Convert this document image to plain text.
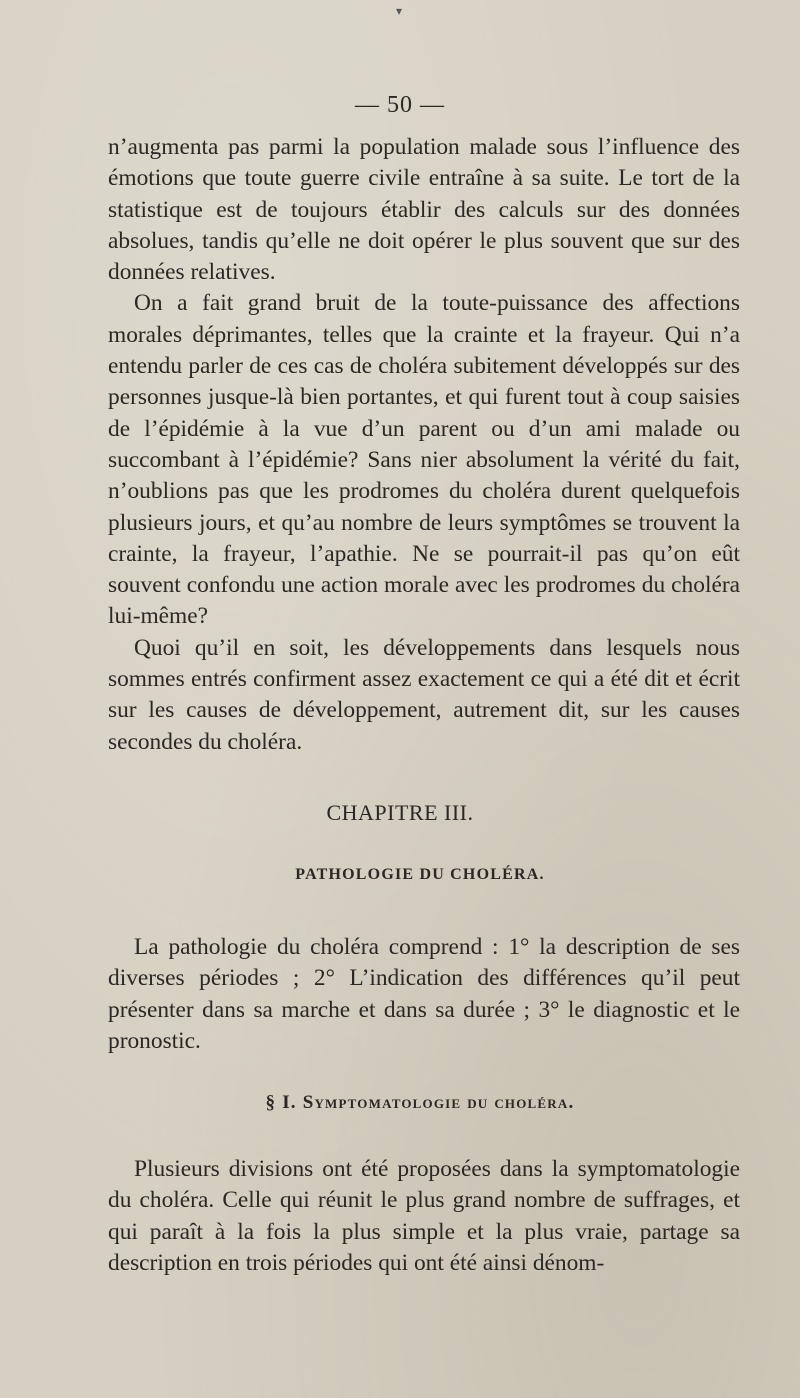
▾
— 50 —

n’augmenta pas parmi la population malade sous l’influence des émotions que toute guerre civile entraîne à sa suite. Le tort de la statistique est de toujours établir des calculs sur des données absolues, tandis qu’elle ne doit opérer le plus souvent que sur des données relatives.

On a fait grand bruit de la toute-puissance des affections morales déprimantes, telles que la crainte et la frayeur. Qui n’a entendu parler de ces cas de choléra subitement développés sur des personnes jusque-là bien portantes, et qui furent tout à coup saisies de l’épidémie à la vue d’un parent ou d’un ami malade ou succombant à l’épidémie? Sans nier absolument la vérité du fait, n’oublions pas que les prodromes du choléra durent quelquefois plusieurs jours, et qu’au nombre de leurs symptômes se trouvent la crainte, la frayeur, l’apathie. Ne se pourrait-il pas qu’on eût souvent confondu une action morale avec les prodromes du choléra lui-même?

Quoi qu’il en soit, les développements dans lesquels nous sommes entrés confirment assez exactement ce qui a été dit et écrit sur les causes de développement, autrement dit, sur les causes secondes du choléra.

CHAPITRE III.
PATHOLOGIE DU CHOLÉRA.

La pathologie du choléra comprend : 1° la description de ses diverses périodes ; 2° L’indication des différences qu’il peut présenter dans sa marche et dans sa durée ; 3° le diagnostic et le pronostic.

§ I. Symptomatologie du choléra.

Plusieurs divisions ont été proposées dans la symptomatologie du choléra. Celle qui réunit le plus grand nombre de suffrages, et qui paraît à la fois la plus simple et la plus vraie, partage sa description en trois périodes qui ont été ainsi dénom-
